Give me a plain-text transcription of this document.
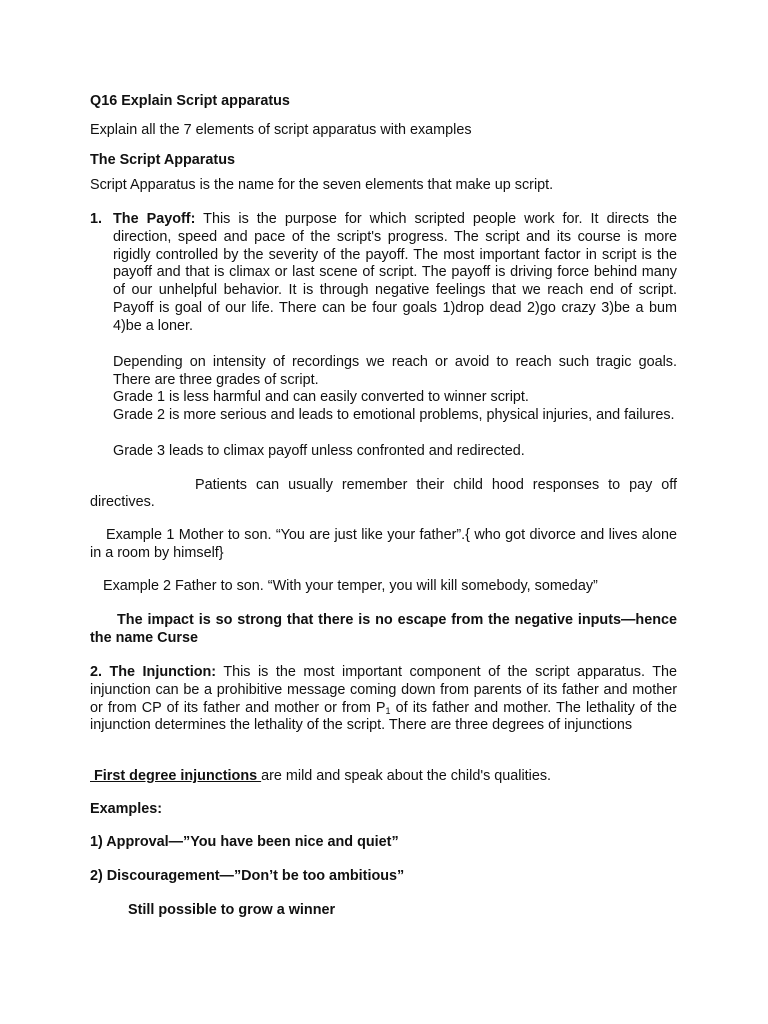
Q16 Explain Script apparatus

Explain all the 7 elements of script apparatus with examples

The Script Apparatus

Script Apparatus is the name for the seven elements that make up script.

1. The Payoff: This is the purpose for which scripted people work for. It directs the direction, speed and pace of the script's progress. The script and its course is more rigidly controlled by the severity of the payoff. The most important factor in script is the payoff and that is climax or last scene of script. The payoff is driving force behind many of our unhelpful behavior. It is through negative feelings that we reach end of script. Payoff is goal of our life. There can be four goals 1)drop dead 2)go crazy 3)be a bum 4)be a loner.

Depending on intensity of recordings we reach or avoid to reach such tragic goals. There are three grades of script.

Grade 1 is less harmful and can easily converted to winner script.

Grade 2 is more serious and leads to emotional problems, physical injuries, and failures.

Grade 3 leads to climax payoff unless confronted and redirected.

Patients can usually remember their child hood responses to pay off

directives.

Example 1 Mother to son. “You are just like your father”.{ who got divorce and lives alone in a room by himself}

Example 2 Father to son. “With your temper, you will kill somebody, someday”

The impact is so strong that there is no escape from the negative inputs—hence the name Curse

2. The Injunction: This is the most important component of the script apparatus. The injunction can be a prohibitive message coming down from parents of its father and mother or from CP of its father and mother or from $P_1$ of its father and mother. The lethality of the injunction determines the lethality of the script. There are three degrees of injunctions

First degree injunctions are mild and speak about the child's qualities.

Examples:

1) Approval—”You have been nice and quiet”

2) Discouragement—”Don’t be too ambitious”

Still possible to grow a winner
